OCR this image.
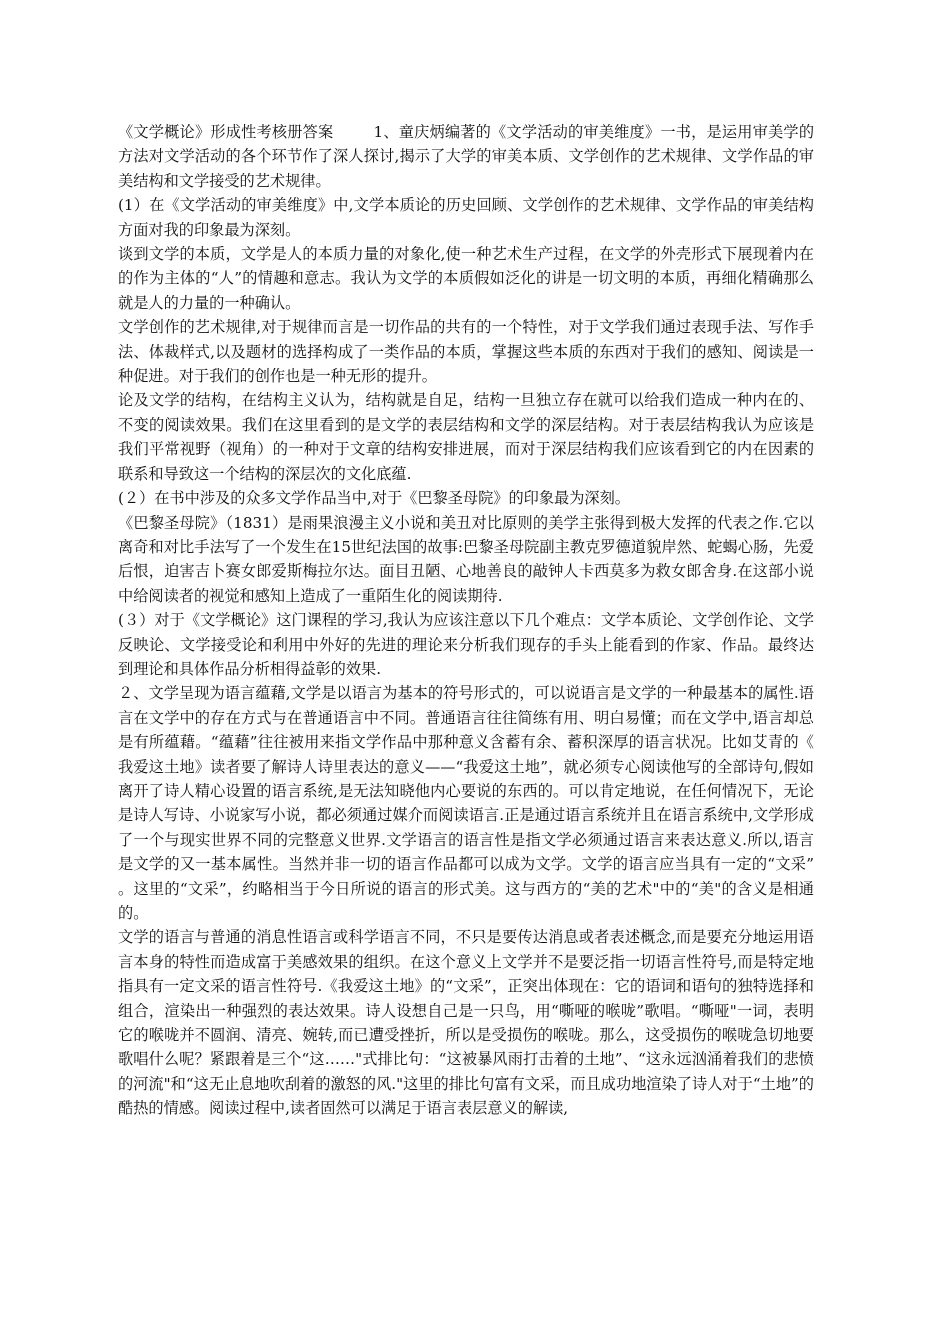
《文学概论》形成性考核册答案	1、童庆炳编著的《文学活动的审美维度》一书，是运用审美学的方法对文学活动的各个环节作了深人探讨,揭示了大学的审美本质、文学创作的艺术规律、文学作品的审美结构和文学接受的艺术规律。

(1）在《文学活动的审美维度》中,文学本质论的历史回顾、文学创作的艺术规律、文学作品的审美结构方面对我的印象最为深刻。

谈到文学的本质，文学是人的本质力量的对象化,使一种艺术生产过程，在文学的外壳形式下展现着内在的作为主体的“人”的情趣和意志。我认为文学的本质假如泛化的讲是一切文明的本质，再细化精确那么就是人的力量的一种确认。

文学创作的艺术规律,对于规律而言是一切作品的共有的一个特性，对于文学我们通过表现手法、写作手法、体裁样式,以及题材的选择构成了一类作品的本质，掌握这些本质的东西对于我们的感知、阅读是一种促进。对于我们的创作也是一种无形的提升。

论及文学的结构，在结构主义认为，结构就是自足，结构一旦独立存在就可以给我们造成一种内在的、不变的阅读效果。我们在这里看到的是文学的表层结构和文学的深层结构。对于表层结构我认为应该是我们平常视野（视角）的一种对于文章的结构安排进展，而对于深层结构我们应该看到它的内在因素的联系和导致这一个结构的深层次的文化底蕴.

(２）在书中涉及的众多文学作品当中,对于《巴黎圣母院》的印象最为深刻。

《巴黎圣母院》（1831）是雨果浪漫主义小说和美丑对比原则的美学主张得到极大发挥的代表之作.它以离奇和对比手法写了一个发生在15世纪法国的故事:巴黎圣母院副主教克罗德道貌岸然、蛇蝎心肠，先爱后恨，迫害吉卜赛女郎爱斯梅拉尔达。面目丑陋、心地善良的敲钟人卡西莫多为救女郎舍身.在这部小说中给阅读者的视觉和感知上造成了一重陌生化的阅读期待.

(３）对于《文学概论》这门课程的学习,我认为应该注意以下几个难点：文学本质论、文学创作论、文学反映论、文学接受论和利用中外好的先进的理论来分析我们现存的手头上能看到的作家、作品。最终达到理论和具体作品分析相得益彰的效果.

２、文学呈现为语言蕴藉,文学是以语言为基本的符号形式的，可以说语言是文学的一种最基本的属性.语言在文学中的存在方式与在普通语言中不同。普通语言往往简练有用、明白易懂；而在文学中,语言却总是有所蕴藉。“蕴藉”往往被用来指文学作品中那种意义含蓄有余、蓄积深厚的语言状况。比如艾青的《我爱这土地》读者要了解诗人诗里表达的意义——“我爱这土地”，就必须专心阅读他写的全部诗句,假如离开了诗人精心设置的语言系统,是无法知晓他内心要说的东西的。可以肯定地说，在任何情况下，无论是诗人写诗、小说家写小说，都必须通过媒介而阅读语言.正是通过语言系统并且在语言系统中,文学形成了一个与现实世界不同的完整意义世界.文学语言的语言性是指文学必须通过语言来表达意义.所以,语言是文学的又一基本属性。当然并非一切的语言作品都可以成为文学。文学的语言应当具有一定的“文采”。这里的“文采”，约略相当于今日所说的语言的形式美。这与西方的“美的艺术"中的“美"的含义是相通的。

文学的语言与普通的消息性语言或科学语言不同，不只是要传达消息或者表述概念,而是要充分地运用语言本身的特性而造成富于美感效果的组织。在这个意义上文学并不是要泛指一切语言性符号,而是特定地指具有一定文采的语言性符号.《我爱这土地》的“文采”，正突出体现在：它的语词和语句的独特选择和组合，渲染出一种强烈的表达效果。诗人设想自己是一只鸟，用“嘶哑的喉咙”歌唱。“嘶哑"一词，表明它的喉咙并不圆润、清亮、婉转,而已遭受挫折，所以是受损伤的喉咙。那么，这受损伤的喉咙急切地要歌唱什么呢？紧跟着是三个“这……"式排比句：“这被暴风雨打击着的土地”、“这永远汹涌着我们的悲愤的河流"和“这无止息地吹刮着的激怒的风."这里的排比句富有文采，而且成功地渲染了诗人对于“土地”的酷热的情感。阅读过程中,读者固然可以满足于语言表层意义的解读,
